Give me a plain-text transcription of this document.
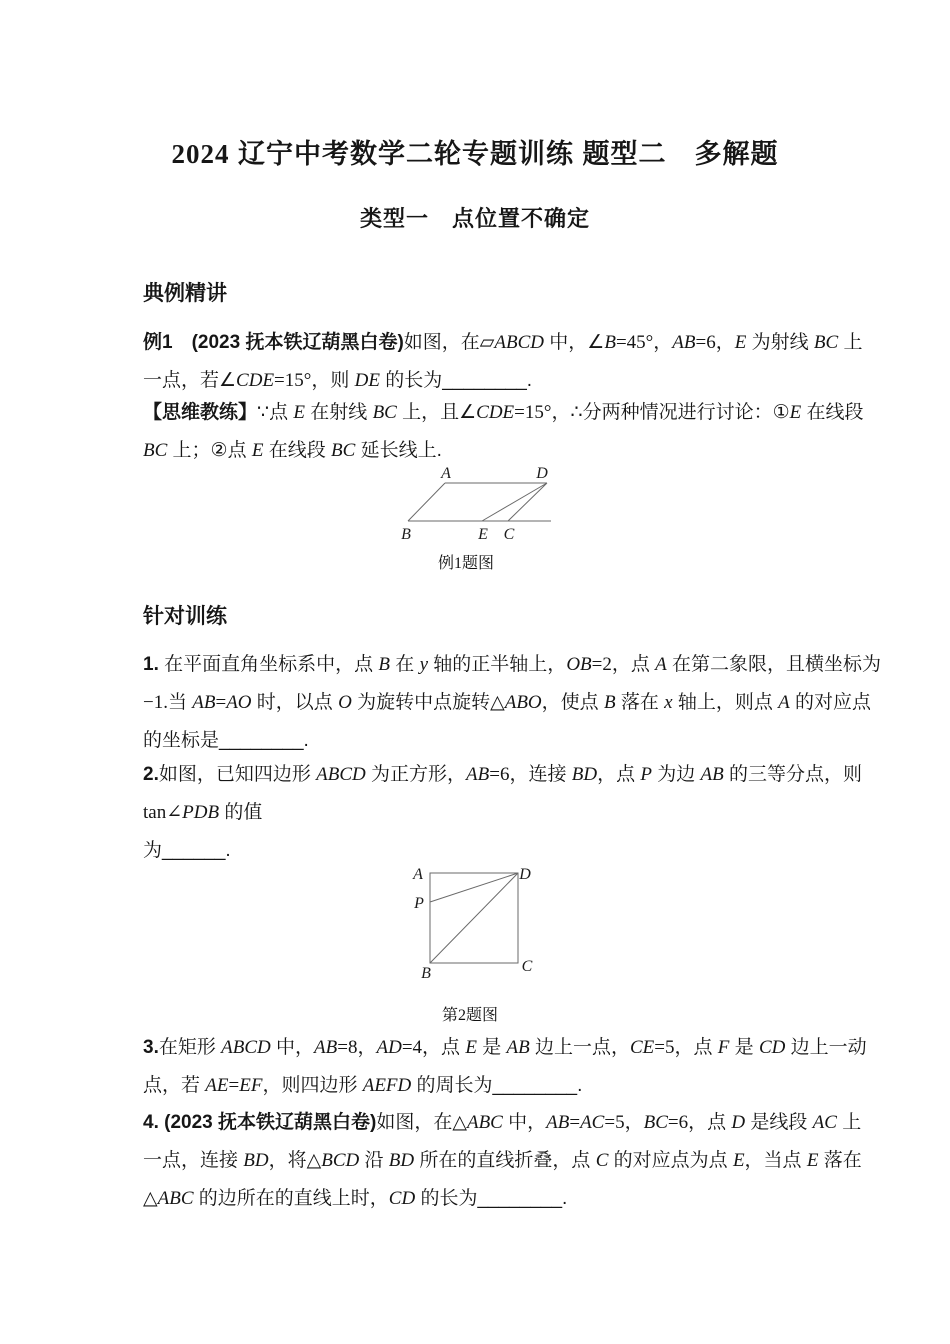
2024 辽宁中考数学二轮专题训练 题型二　多解题
类型一　点位置不确定
典例精讲
例1　(2023 抚本铁辽葫黑白卷)如图，在▱ABCD 中，∠B=45°，AB=6，E 为射线 BC 上
一点，若∠CDE=15°，则 DE 的长为________.
【思维教练】∵点 E 在射线 BC 上，且∠CDE=15°，∴分两种情况进行讨论：①E 在线段
BC 上；②点 E 在线段 BC 延长线上.
A	D
B	E C
例1题图
针对训练
1. 在平面直角坐标系中，点 B 在 y 轴的正半轴上，OB=2，点 A 在第二象限，且横坐标为
−1.当 AB=AO 时，以点 O 为旋转中点旋转△ABO，使点 B 落在 x 轴上，则点 A 的对应点
的坐标是________.
2.如图，已知四边形 ABCD 为正方形，AB=6，连接 BD，点 P 为边 AB 的三等分点，则
tan∠PDB 的值
为______.
A	D
P
B	C
第2题图
3.在矩形 ABCD 中，AB=8，AD=4，点 E 是 AB 边上一点，CE=5，点 F 是 CD 边上一动
点，若 AE=EF，则四边形 AEFD 的周长为________.
4. (2023 抚本铁辽葫黑白卷)如图，在△ABC 中，AB=AC=5，BC=6，点 D 是线段 AC 上
一点，连接 BD，将△BCD 沿 BD 所在的直线折叠，点 C 的对应点为点 E，当点 E 落在
△ABC 的边所在的直线上时，CD 的长为________.
